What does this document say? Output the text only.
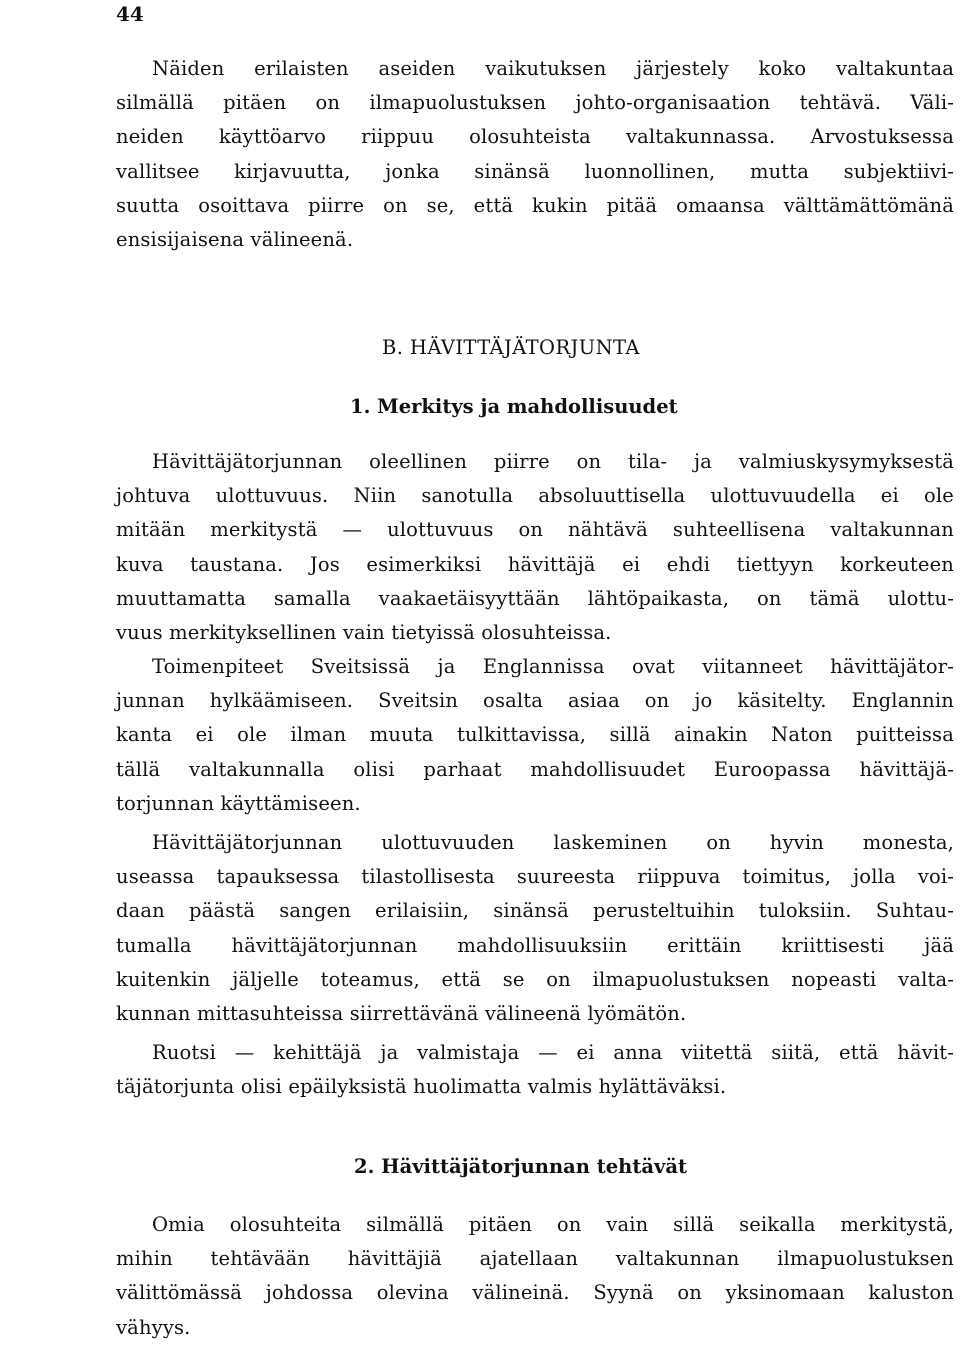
44
Näiden erilaisten aseiden vaikutuksen järjestely koko valtakuntaa
silmällä pitäen on ilmapuolustuksen johto-organisaation tehtävä. Väli-
neiden käyttöarvo riippuu olosuhteista valtakunnassa. Arvostuksessa
vallitsee kirjavuutta, jonka sinänsä luonnollinen, mutta subjektiivi-
suutta osoittava piirre on se, että kukin pitää omaansa välttämättömänä
ensisijaisena välineenä.
B. HÄVITTÄJÄTORJUNTA
1. Merkitys ja mahdollisuudet
Hävittäjätorjunnan oleellinen piirre on tila- ja valmiuskysymyksestä
johtuva ulottuvuus. Niin sanotulla absoluuttisella ulottuvuudella ei ole
mitään merkitystä — ulottuvuus on nähtävä suhteellisena valtakunnan
kuva taustana. Jos esimerkiksi hävittäjä ei ehdi tiettyyn korkeuteen
muuttamatta samalla vaakaetäisyyttään lähtöpaikasta, on tämä ulottu-
vuus merkityksellinen vain tietyissä olosuhteissa.
Toimenpiteet Sveitsissä ja Englannissa ovat viitanneet hävittäjätor-
junnan hylkäämiseen. Sveitsin osalta asiaa on jo käsitelty. Englannin
kanta ei ole ilman muuta tulkittavissa, sillä ainakin Naton puitteissa
tällä valtakunnalla olisi parhaat mahdollisuudet Euroopassa hävittäjä-
torjunnan käyttämiseen.
Hävittäjätorjunnan ulottuvuuden laskeminen on hyvin monesta,
useassa tapauksessa tilastollisesta suureesta riippuva toimitus, jolla voi-
daan päästä sangen erilaisiin, sinänsä perusteltuihin tuloksiin. Suhtau-
tumalla hävittäjätorjunnan mahdollisuuksiin erittäin kriittisesti jää
kuitenkin jäljelle toteamus, että se on ilmapuolustuksen nopeasti valta-
kunnan mittasuhteissa siirrettävänä välineenä lyömätön.
Ruotsi — kehittäjä ja valmistaja — ei anna viitettä siitä, että hävit-
täjätorjunta olisi epäilyksistä huolimatta valmis hylättäväksi.
2. Hävittäjätorjunnan tehtävät
Omia olosuhteita silmällä pitäen on vain sillä seikalla merkitystä,
mihin tehtävään hävittäjiä ajatellaan valtakunnan ilmapuolustuksen
välittömässä johdossa olevina välineinä. Syynä on yksinomaan kaluston
vähyys.
